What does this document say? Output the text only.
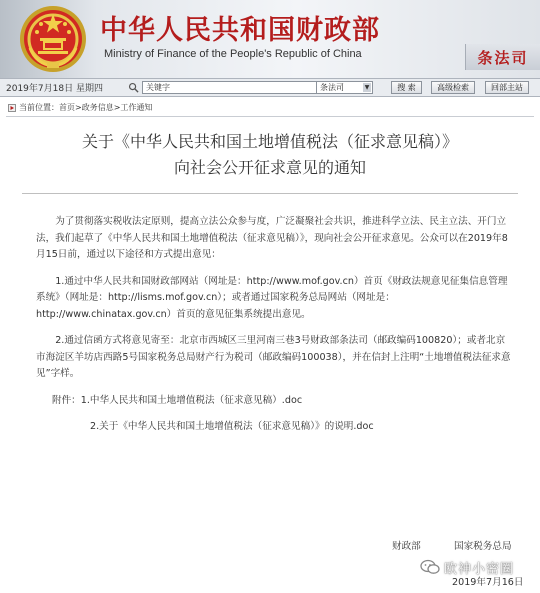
中华人民共和国财政部
Ministry of Finance of the People's Republic of China	条法司
2019年7月18日 星期四
关键字	条法司	▼	搜 索	高级检索	回部主站
当前位置： 首页 > 政务信息 > 工作通知
关于《中华人民共和国土地增值税法（征求意见稿）》
向社会公开征求意见的通知

为了贯彻落实税收法定原则，提高立法公众参与度，广泛凝聚社会共识，推进科学立法、民主立法、开门立法，我们起草了《中华人民共和国土地增值税法（征求意见稿）》，现向社会公开征求意见。公众可以在2019年8月15日前，通过以下途径和方式提出意见：

1.通过中华人民共和国财政部网站（网址是：http://www.mof.gov.cn）首页《财政法规意见征集信息管理系统》（网址是：http://lisms.mof.gov.cn）；或者通过国家税务总局网站（网址是：http://www.chinatax.gov.cn）首页的意见征集系统提出意见。

2.通过信函方式将意见寄至：北京市西城区三里河南三巷3号财政部条法司（邮政编码100820）；或者北京市海淀区羊坊店西路5号国家税务总局财产行为税司（邮政编码100038），并在信封上注明“土地增值税法征求意见”字样。

附件：1.中华人民共和国土地增值税法（征求意见稿）.doc

2.关于《中华人民共和国土地增值税法（征求意见稿）》的说明.doc

财政部	国家税务总局
欧神小密圈
2019年7月16日
